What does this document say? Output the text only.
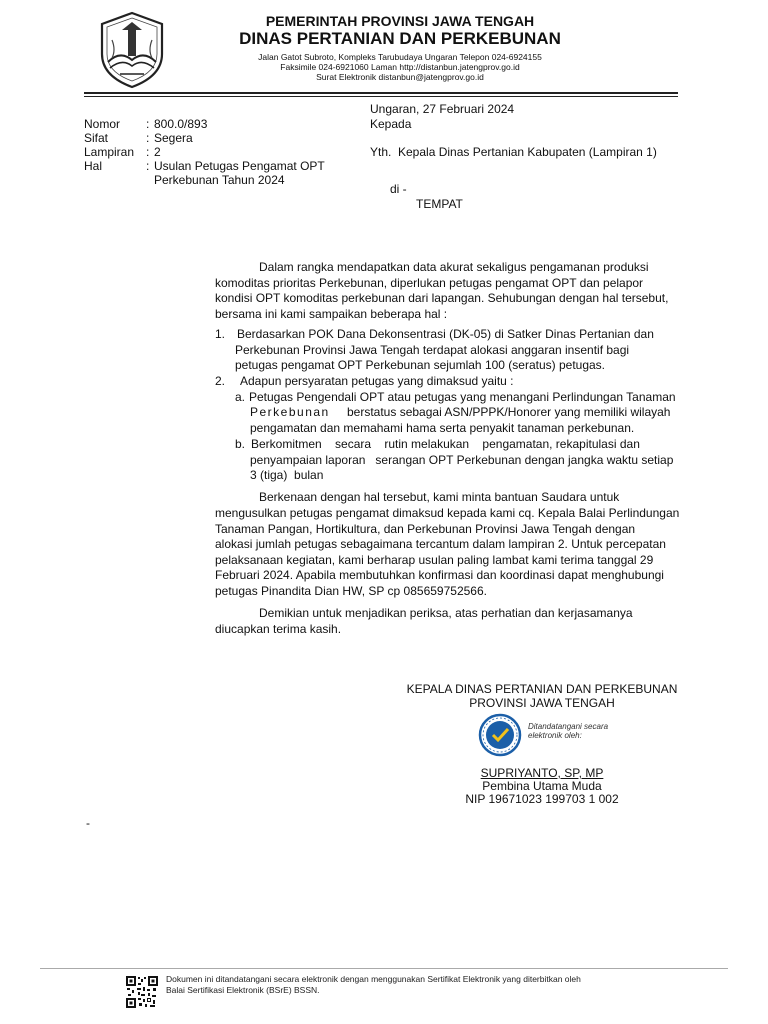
PEMERINTAH PROVINSI JAWA TENGAH
DINAS PERTANIAN DAN PERKEBUNAN
Jalan Gatot Subroto, Kompleks Tarubudaya Ungaran Telepon 024-6924155
Faksimile 024-6921060 Laman http://distanbun.jatengprov.go.id
Surat Elektronik distanbun@jatengprov.go.id
Ungaran, 27 Februari 2024
Kepada
Yth. Kepala Dinas Pertanian Kabupaten (Lampiran 1)
di -
TEMPAT
Nomor	: 800.0/893
Sifat	: Segera
Lampiran : 2
Hal	: Usulan Petugas Pengamat OPT
Perkebunan Tahun 2024
Dalam rangka mendapatkan data akurat sekaligus pengamanan produksi
komoditas prioritas Perkebunan, diperlukan petugas pengamat OPT dan pelapor
kondisi OPT komoditas perkebunan dari lapangan. Sehubungan dengan hal tersebut,
bersama ini kami sampaikan beberapa hal :
1. Berdasarkan POK Dana Dekonsentrasi (DK-05) di Satker Dinas Pertanian dan
Perkebunan Provinsi Jawa Tengah terdapat alokasi anggaran insentif bagi
petugas pengamat OPT Perkebunan sejumlah 100 (seratus) petugas.
2. Adapun persyaratan petugas yang dimaksud yaitu :
a. Petugas Pengendali OPT atau petugas yang menangani Perlindungan Tanaman
Perkebunan berstatus sebagai ASN/PPPK/Honorer yang memiliki wilayah
pengamatan dan memahami hama serta penyakit tanaman perkebunan.
b. Berkomitmen    secara    rutin melakukan    pengamatan, rekapitulasi dan
penyampaian laporan   serangan OPT Perkebunan dengan jangka waktu setiap
3 (tiga)  bulan
Berkenaan dengan hal tersebut, kami minta bantuan Saudara untuk
mengusulkan petugas pengamat dimaksud kepada kami cq. Kepala Balai Perlindungan
Tanaman Pangan, Hortikultura, dan Perkebunan Provinsi Jawa Tengah dengan
alokasi jumlah petugas sebagaimana tercantum dalam lampiran 2. Untuk percepatan
pelaksanaan kegiatan, kami berharap usulan paling lambat kami terima tanggal 29
Februari 2024. Apabila membutuhkan konfirmasi dan koordinasi dapat menghubungi
petugas Pinandita Dian HW, SP cp 085659752566.
Demikian untuk menjadikan periksa, atas perhatian dan kerjasamanya
diucapkan terima kasih.
KEPALA DINAS PERTANIAN DAN PERKEBUNAN
PROVINSI JAWA TENGAH
Ditandatangani secara
elektronik oleh:
SUPRIYANTO, SP, MP
Pembina Utama Muda
NIP 19671023 199703 1 002
-
Dokumen ini ditandatangani secara elektronik dengan menggunakan Sertifikat Elektronik yang diterbitkan oleh
Balai Sertifikasi Elektronik (BSrE) BSSN.
